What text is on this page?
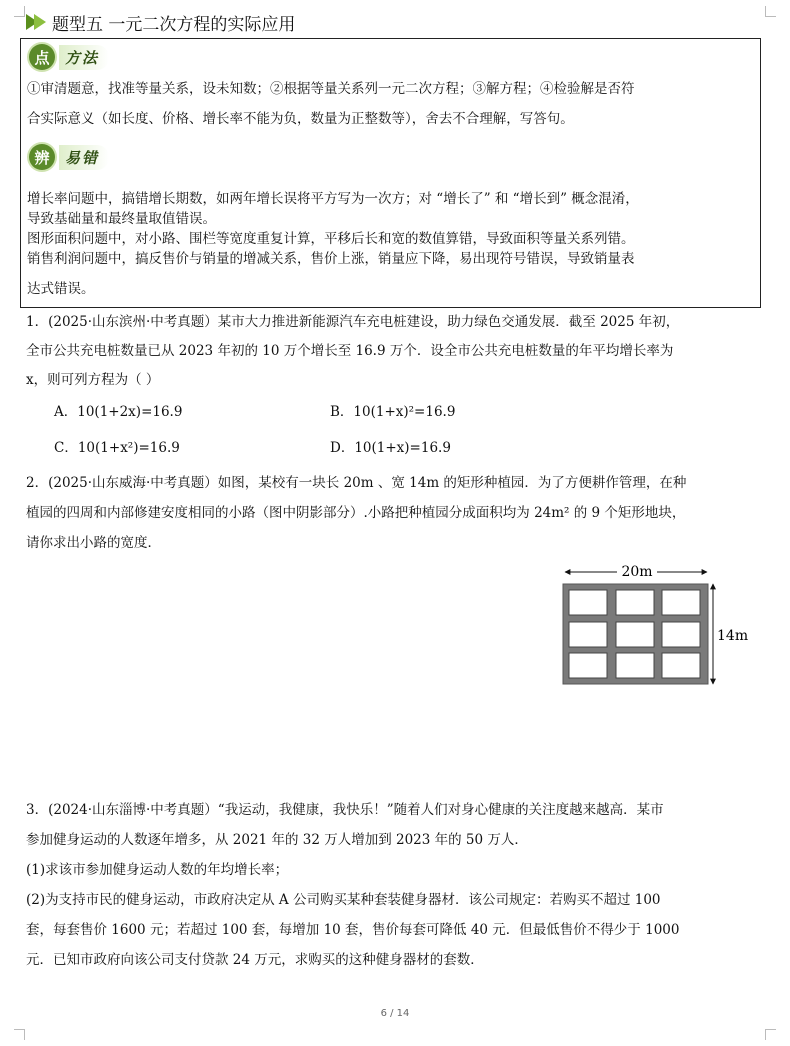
题型五 一元二次方程的实际应用
点	方法
①审清题意，找准等量关系，设未知数；②根据等量关系列一元二次方程；③解方程；④检验解是否符
合实际意义（如长度、价格、增长率不能为负，数量为正整数等），舍去不合理解，写答句。
辨	易错
增长率问题中，搞错增长期数，如两年增长误将平方写为一次方；对 “增长了” 和 “增长到” 概念混淆，
导致基础量和最终量取值错误。
图形面积问题中，对小路、围栏等宽度重复计算，平移后长和宽的数值算错，导致面积等量关系列错。
销售利润问题中，搞反售价与销量的增减关系，售价上涨，销量应下降，易出现符号错误，导致销量表
达式错误。
1．(2025·山东滨州·中考真题）某市大力推进新能源汽车充电桩建设，助力绿色交通发展．截至 2025 年初，
全市公共充电桩数量已从 2023 年初的 10 万个增长至 16.9 万个．设全市公共充电桩数量的年平均增长率为
x，则可列方程为（ ）
A．10(1+2x)=16.9	B．10(1+x)²=16.9
C．10(1+x²)=16.9	D．10(1+x)=16.9
2．(2025·山东威海·中考真题）如图，某校有一块长 20m 、宽 14m 的矩形种植园．为了方便耕作管理，在种
植园的四周和内部修建安度相同的小路（图中阴影部分）.小路把种植园分成面积均为 24m² 的 9 个矩形地块，
请你求出小路的宽度．
20m
14m
3．(2024·山东淄博·中考真题）“我运动，我健康，我快乐！”随着人们对身心健康的关注度越来越高．某市
参加健身运动的人数逐年增多，从 2021 年的 32 万人增加到 2023 年的 50 万人．
(1)求该市参加健身运动人数的年均增长率；
(2)为支持市民的健身运动，市政府决定从 A 公司购买某种套装健身器材．该公司规定：若购买不超过 100
套，每套售价 1600 元；若超过 100 套，每增加 10 套，售价每套可降低 40 元．但最低售价不得少于 1000
元．已知市政府向该公司支付贷款 24 万元，求购买的这种健身器材的套数．
6 / 14
